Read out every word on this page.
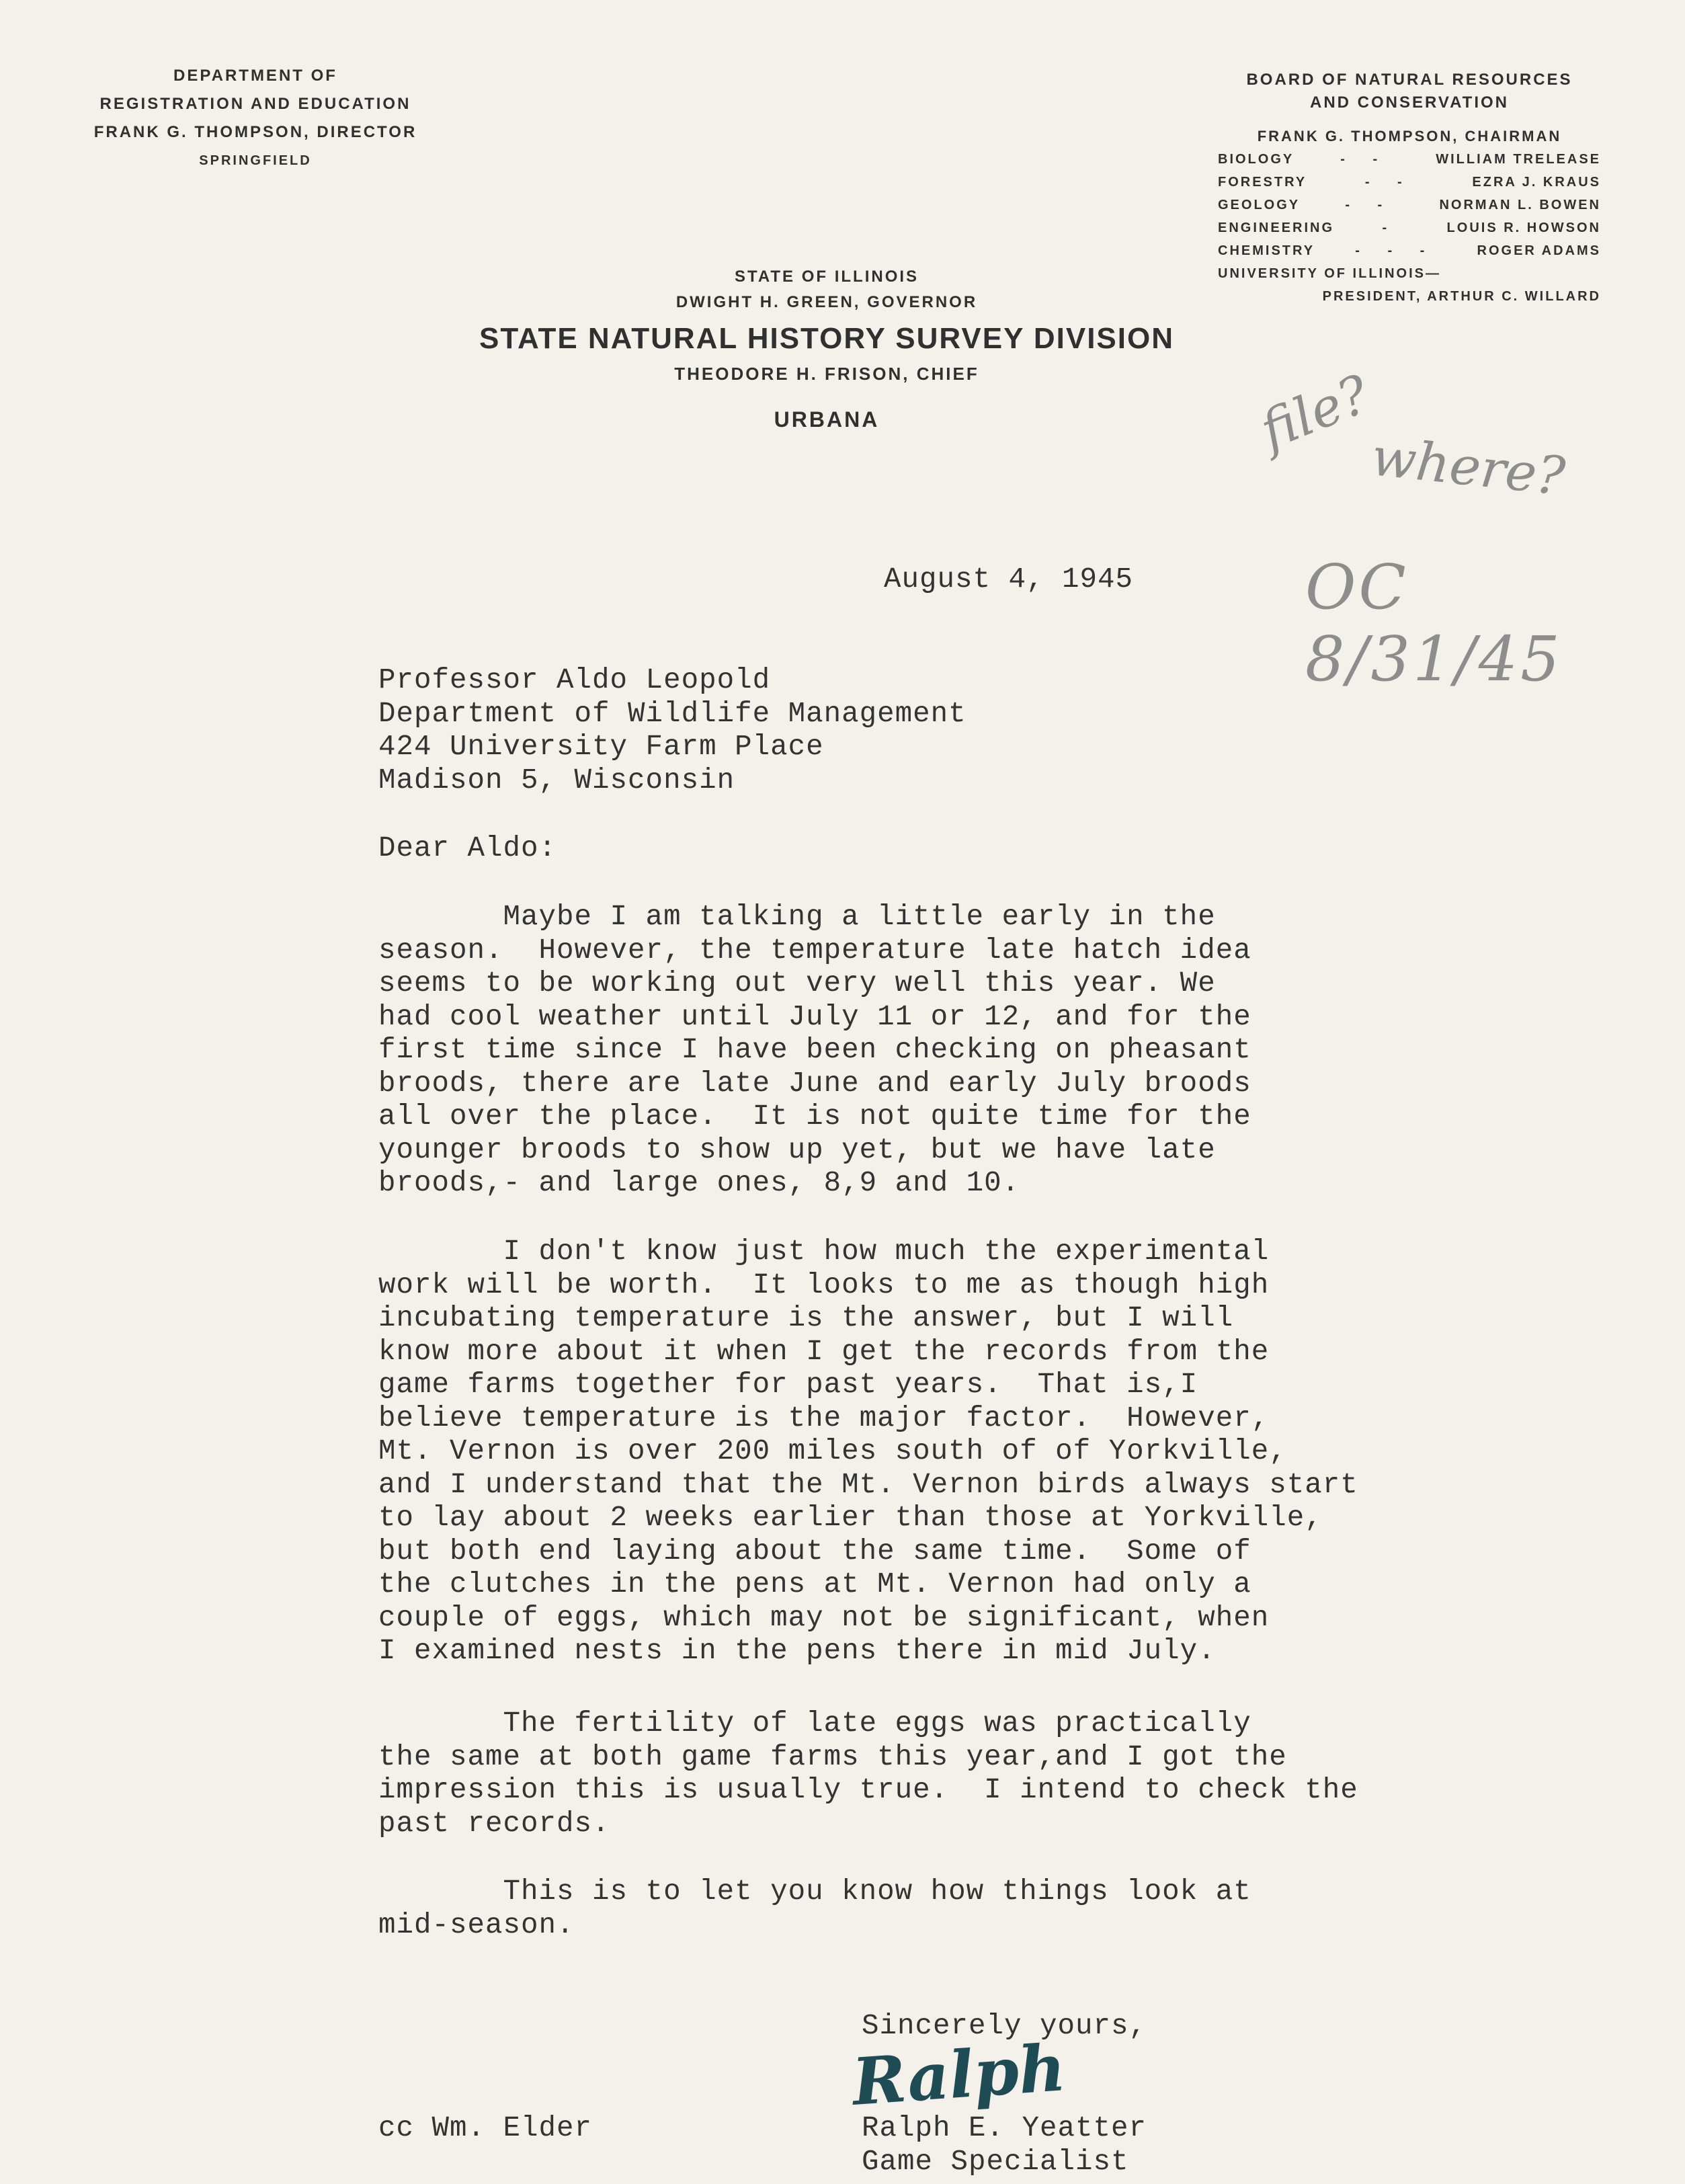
DEPARTMENT OF
REGISTRATION AND EDUCATION
FRANK G. THOMPSON, DIRECTOR
SPRINGFIELD
BOARD OF NATURAL RESOURCES
AND CONSERVATION
FRANK G. THOMPSON, CHAIRMAN
BIOLOGY	- -	WILLIAM TRELEASE
FORESTRY	- -	EZRA J. KRAUS
GEOLOGY	- -	NORMAN L. BOWEN
ENGINEERING	-	LOUIS R. HOWSON
CHEMISTRY	- - -	ROGER ADAMS
UNIVERSITY OF ILLINOIS—
PRESIDENT, ARTHUR C. WILLARD
STATE OF ILLINOIS
DWIGHT H. GREEN, GOVERNOR
STATE NATURAL HISTORY SURVEY DIVISION
THEODORE H. FRISON, CHIEF
URBANA	file?
where?
OC 8/31/45
August 4, 1945
Professor Aldo Leopold
Department of Wildlife Management
424 University Farm Place
Madison 5, Wisconsin
Dear Aldo:
Maybe I am talking a little early in the
season.  However, the temperature late hatch idea
seems to be working out very well this year. We
had cool weather until July 11 or 12, and for the
first time since I have been checking on pheasant
broods, there are late June and early July broods
all over the place.  It is not quite time for the
younger broods to show up yet, but we have late
broods,- and large ones, 8,9 and 10.
I don't know just how much the experimental
work will be worth.  It looks to me as though high
incubating temperature is the answer, but I will
know more about it when I get the records from the
game farms together for past years.  That is,I
believe temperature is the major factor.  However,
Mt. Vernon is over 200 miles south of of Yorkville,
and I understand that the Mt. Vernon birds always start
to lay about 2 weeks earlier than those at Yorkville,
but both end laying about the same time.  Some of
the clutches in the pens at Mt. Vernon had only a
couple of eggs, which may not be significant, when
I examined nests in the pens there in mid July.
The fertility of late eggs was practically
the same at both game farms this year,and I got the
impression this is usually true.  I intend to check the
past records.
This is to let you know how things look at
mid-season.
Sincerely yours,
Ralph
Ralph E. Yeatter
Game Specialist
cc Wm. Elder
